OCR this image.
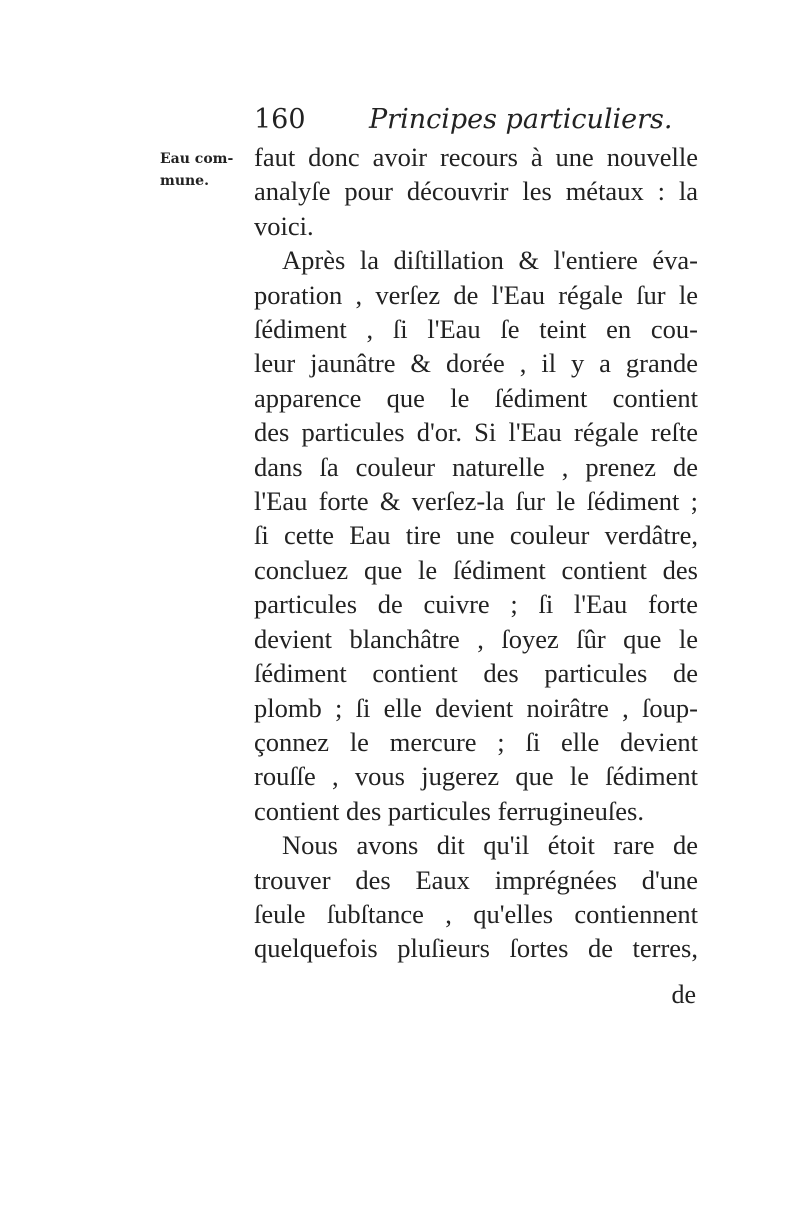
160 Principes particuliers.
Eau com-
mune.
faut donc avoir recours à une nouvelle
analyſe pour découvrir les métaux : la
voici.
Après la diſtillation & l'entiere éva-
poration , verſez de l'Eau régale ſur le
ſédiment , ſi l'Eau ſe teint en cou-
leur jaunâtre & dorée , il y a grande
apparence que le ſédiment contient
des particules d'or. Si l'Eau régale reſte
dans ſa couleur naturelle , prenez de
l'Eau forte & verſez-la ſur le ſédiment ;
ſi cette Eau tire une couleur verdâtre,
concluez que le ſédiment contient des
particules de cuivre ; ſi l'Eau forte
devient blanchâtre , ſoyez ſûr que le
ſédiment contient des particules de
plomb ; ſi elle devient noirâtre , ſoup-
çonnez le mercure ; ſi elle devient
rouſſe , vous jugerez que le ſédiment
contient des particules ferrugineuſes.
Nous avons dit qu'il étoit rare de
trouver des Eaux imprégnées d'une
ſeule ſubſtance , qu'elles contiennent
quelquefois pluſieurs ſortes de terres,
de
